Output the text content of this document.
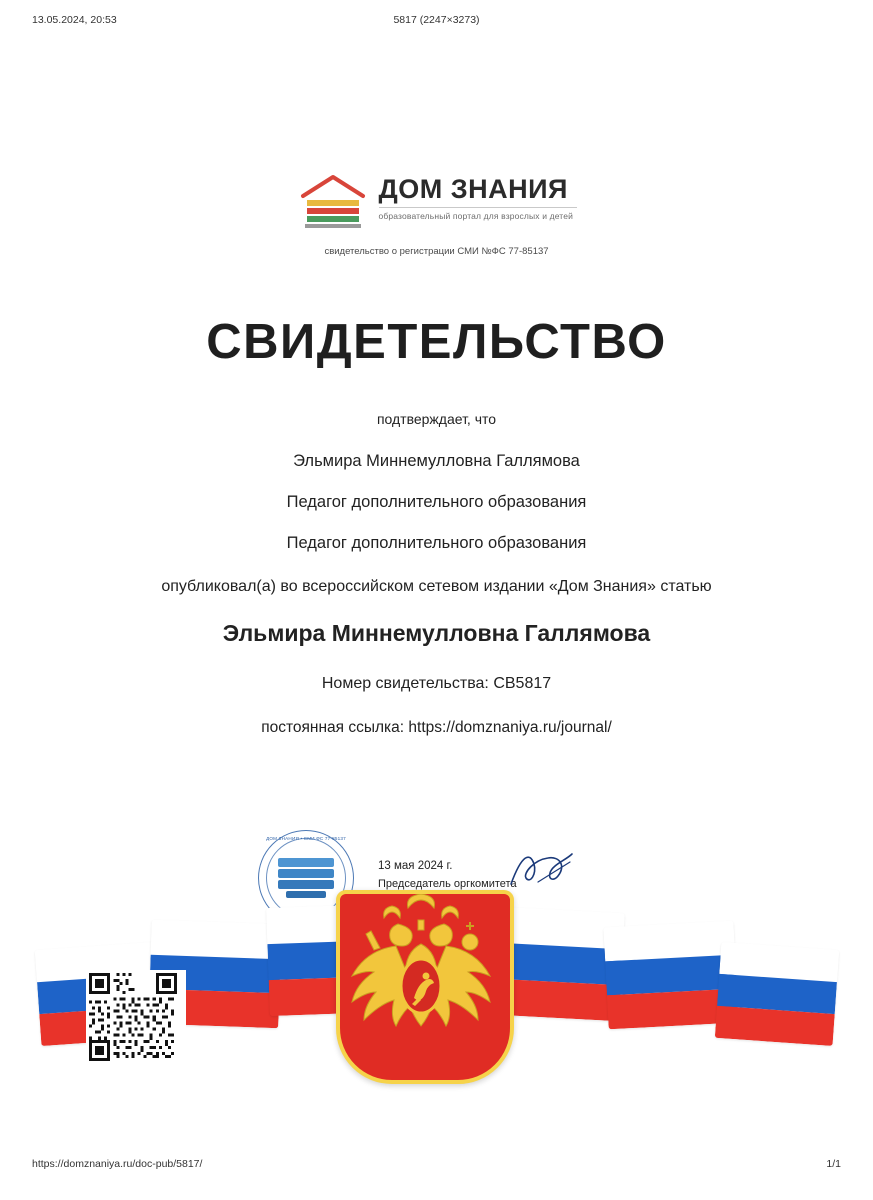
13.05.2024, 20:53	5817 (2247×3273)
ДОМ ЗНАНИЯ
образовательный портал для взрослых и детей
свидетельство о регистрации СМИ №ФС 77-85137
СВИДЕТЕЛЬСТВО
подтверждает, что
Эльмира Миннемулловна Галлямова
Педагог дополнительного образования
Педагог дополнительного образования
опубликовал(а) во всероссийском сетевом издании «Дом Знания» статью
Эльмира Миннемулловна Галлямова
Номер свидетельства: СВ5817
постоянная ссылка: https://domznaniya.ru/journal/
ДОМ ЗНАНИЯ • СМИ ФС 77-85137
13 мая 2024 г.
Председатель оргкомитета
https://domznaniya.ru/doc-pub/5817/	1/1
